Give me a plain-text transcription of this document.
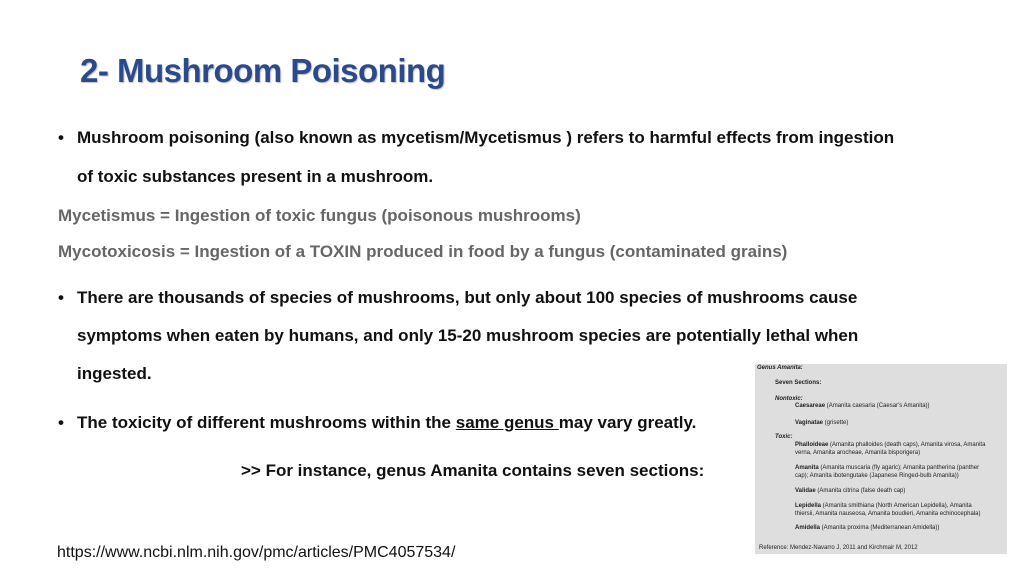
2- Mushroom Poisoning
• Mushroom poisoning (also known as mycetism/Mycetismus ) refers to harmful effects from ingestion
of toxic substances present in a mushroom.
Mycetismus = Ingestion of toxic fungus (poisonous mushrooms)
Mycotoxicosis = Ingestion of a TOXIN produced in food by a fungus (contaminated grains)
• There are thousands of species of mushrooms, but only about 100 species of mushrooms cause
symptoms when eaten by humans, and only 15-20 mushroom species are potentially lethal when
ingested.
• The toxicity of different mushrooms within the same genus may vary greatly.
>> For instance, genus Amanita contains seven sections:
https://www.ncbi.nlm.nih.gov/pmc/articles/PMC4057534/
Genus Amanita:
Seven Sections:
Nontoxic:
Caesareae (Amanita caesaria (Caesar's Amanita))
Vaginatae (grisette)
Toxic:
Phalloideae (Amanita phalloides (death caps), Amanita virosa, Amanita
verna, Amanita arocheae, Amanita bisporigera)
Amanita (Amanita muscaria (fly agaric); Amanita pantherina (panther
cap); Amanita ibotengutake (Japanese Ringed-bulb Amanita))
Validae (Amanita citrina (false death cap)
Lepidella (Amanita smithiana (North American Lepidella), Amanita
thiersii, Amanita nauseosa, Amanita boudieri, Amanita echinocephala)
Amidella (Amanita proxima (Mediterranean Amidella))
Reference: Mendez-Navarro J, 2011 and Kirchmair M, 2012
